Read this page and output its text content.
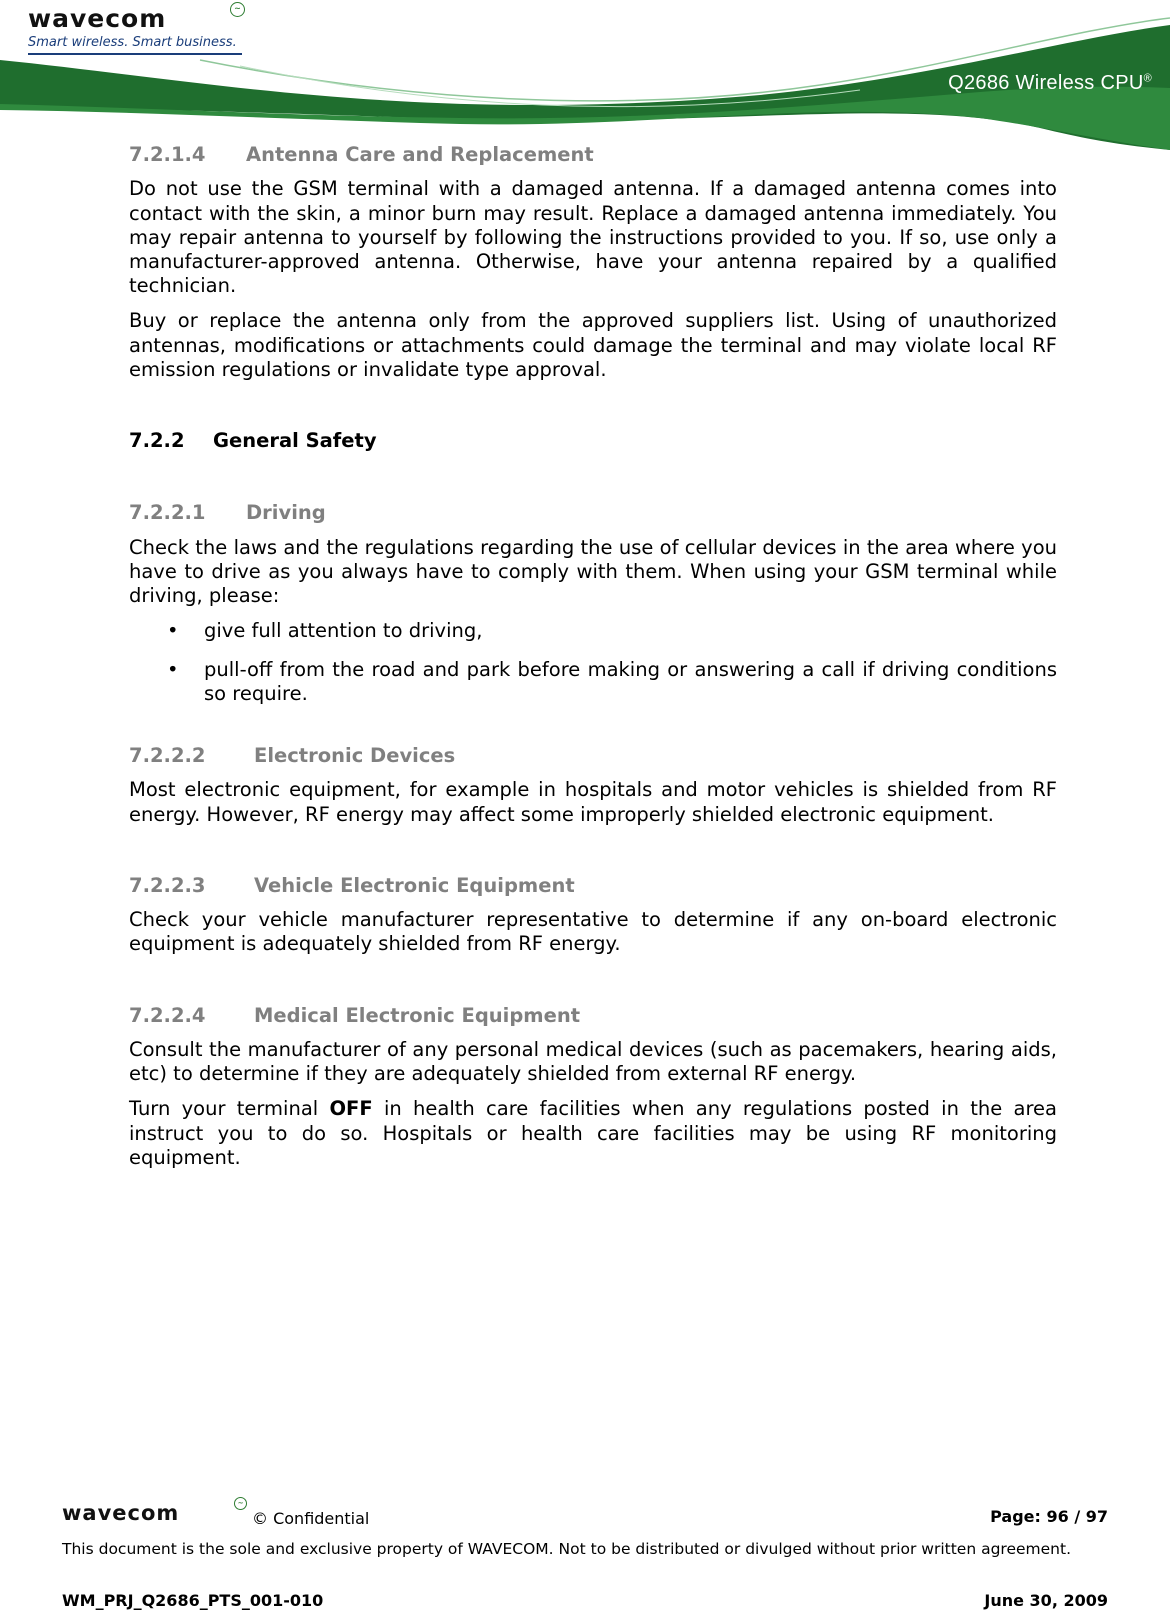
wavecom	~
Smart wireless. Smart business.
Q2686 Wireless CPU®
7.2.1.4 Antenna Care and Replacement

Do not use the GSM terminal with a damaged antenna. If a damaged antenna comes into contact with the skin, a minor burn may result. Replace a damaged antenna immediately. You may repair antenna to yourself by following the instructions provided to you. If so, use only a manufacturer-approved antenna. Otherwise, have your antenna repaired by a qualified technician.

Buy or replace the antenna only from the approved suppliers list. Using of unauthorized antennas, modifications or attachments could damage the terminal and may violate local RF emission regulations or invalidate type approval.

7.2.2 General Safety
7.2.2.1 Driving

Check the laws and the regulations regarding the use of cellular devices in the area where you have to drive as you always have to comply with them. When using your GSM terminal while driving, please:

• give full attention to driving,
• pull-off from the road and park before making or answering a call if driving conditions so require.
7.2.2.2 Electronic Devices

Most electronic equipment, for example in hospitals and motor vehicles is shielded from RF energy. However, RF energy may affect some improperly shielded electronic equipment.

7.2.2.3 Vehicle Electronic Equipment

Check your vehicle manufacturer representative to determine if any on-board electronic equipment is adequately shielded from RF energy.

7.2.2.4 Medical Electronic Equipment

Consult the manufacturer of any personal medical devices (such as pacemakers, hearing aids, etc) to determine if they are adequately shielded from external RF energy.

Turn your terminal OFF in health care facilities when any regulations posted in the area instruct you to do so. Hospitals or health care facilities may be using RF monitoring equipment.

wavecom	~
© Confidential	Page: 96 / 97
This document is the sole and exclusive property of WAVECOM. Not to be distributed or divulged without prior written agreement.
WM_PRJ_Q2686_PTS_001-010	June 30, 2009
